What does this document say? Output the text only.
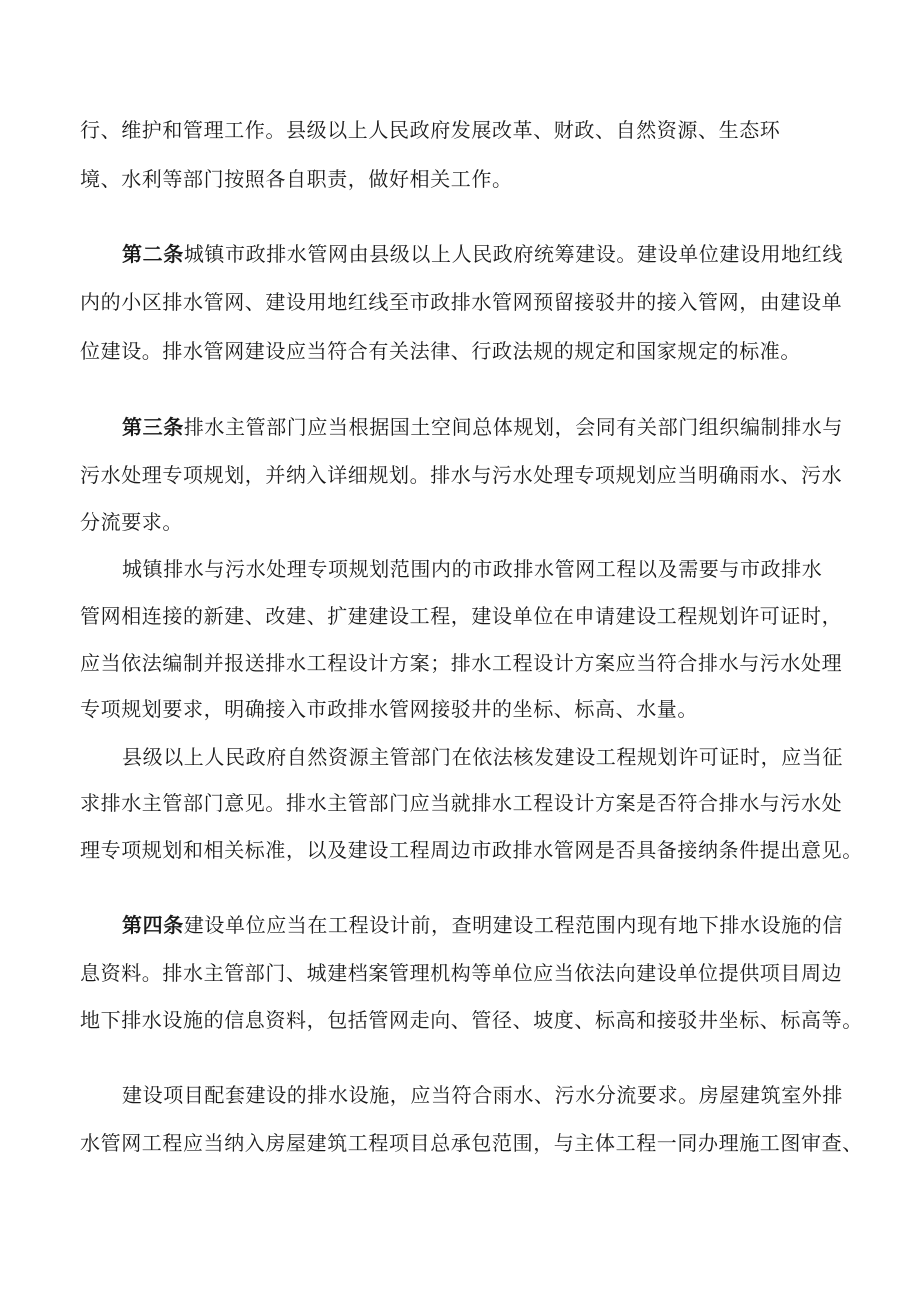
行、维护和管理工作。县级以上人民政府发展改革、财政、自然资源、生态环
境、水利等部门按照各自职责，做好相关工作。
第二条城镇市政排水管网由县级以上人民政府统筹建设。建设单位建设用地红线
内的小区排水管网、建设用地红线至市政排水管网预留接驳井的接入管网，由建设单
位建设。排水管网建设应当符合有关法律、行政法规的规定和国家规定的标准。
第三条排水主管部门应当根据国土空间总体规划，会同有关部门组织编制排水与
污水处理专项规划，并纳入详细规划。排水与污水处理专项规划应当明确雨水、污水
分流要求。
城镇排水与污水处理专项规划范围内的市政排水管网工程以及需要与市政排水
管网相连接的新建、改建、扩建建设工程，建设单位在申请建设工程规划许可证时，
应当依法编制并报送排水工程设计方案；排水工程设计方案应当符合排水与污水处理
专项规划要求，明确接入市政排水管网接驳井的坐标、标高、水量。
县级以上人民政府自然资源主管部门在依法核发建设工程规划许可证时，应当征
求排水主管部门意见。排水主管部门应当就排水工程设计方案是否符合排水与污水处
理专项规划和相关标准，以及建设工程周边市政排水管网是否具备接纳条件提出意见。
第四条建设单位应当在工程设计前，查明建设工程范围内现有地下排水设施的信
息资料。排水主管部门、城建档案管理机构等单位应当依法向建设单位提供项目周边
地下排水设施的信息资料，包括管网走向、管径、坡度、标高和接驳井坐标、标高等。
建设项目配套建设的排水设施，应当符合雨水、污水分流要求。房屋建筑室外排
水管网工程应当纳入房屋建筑工程项目总承包范围，与主体工程一同办理施工图审查、
